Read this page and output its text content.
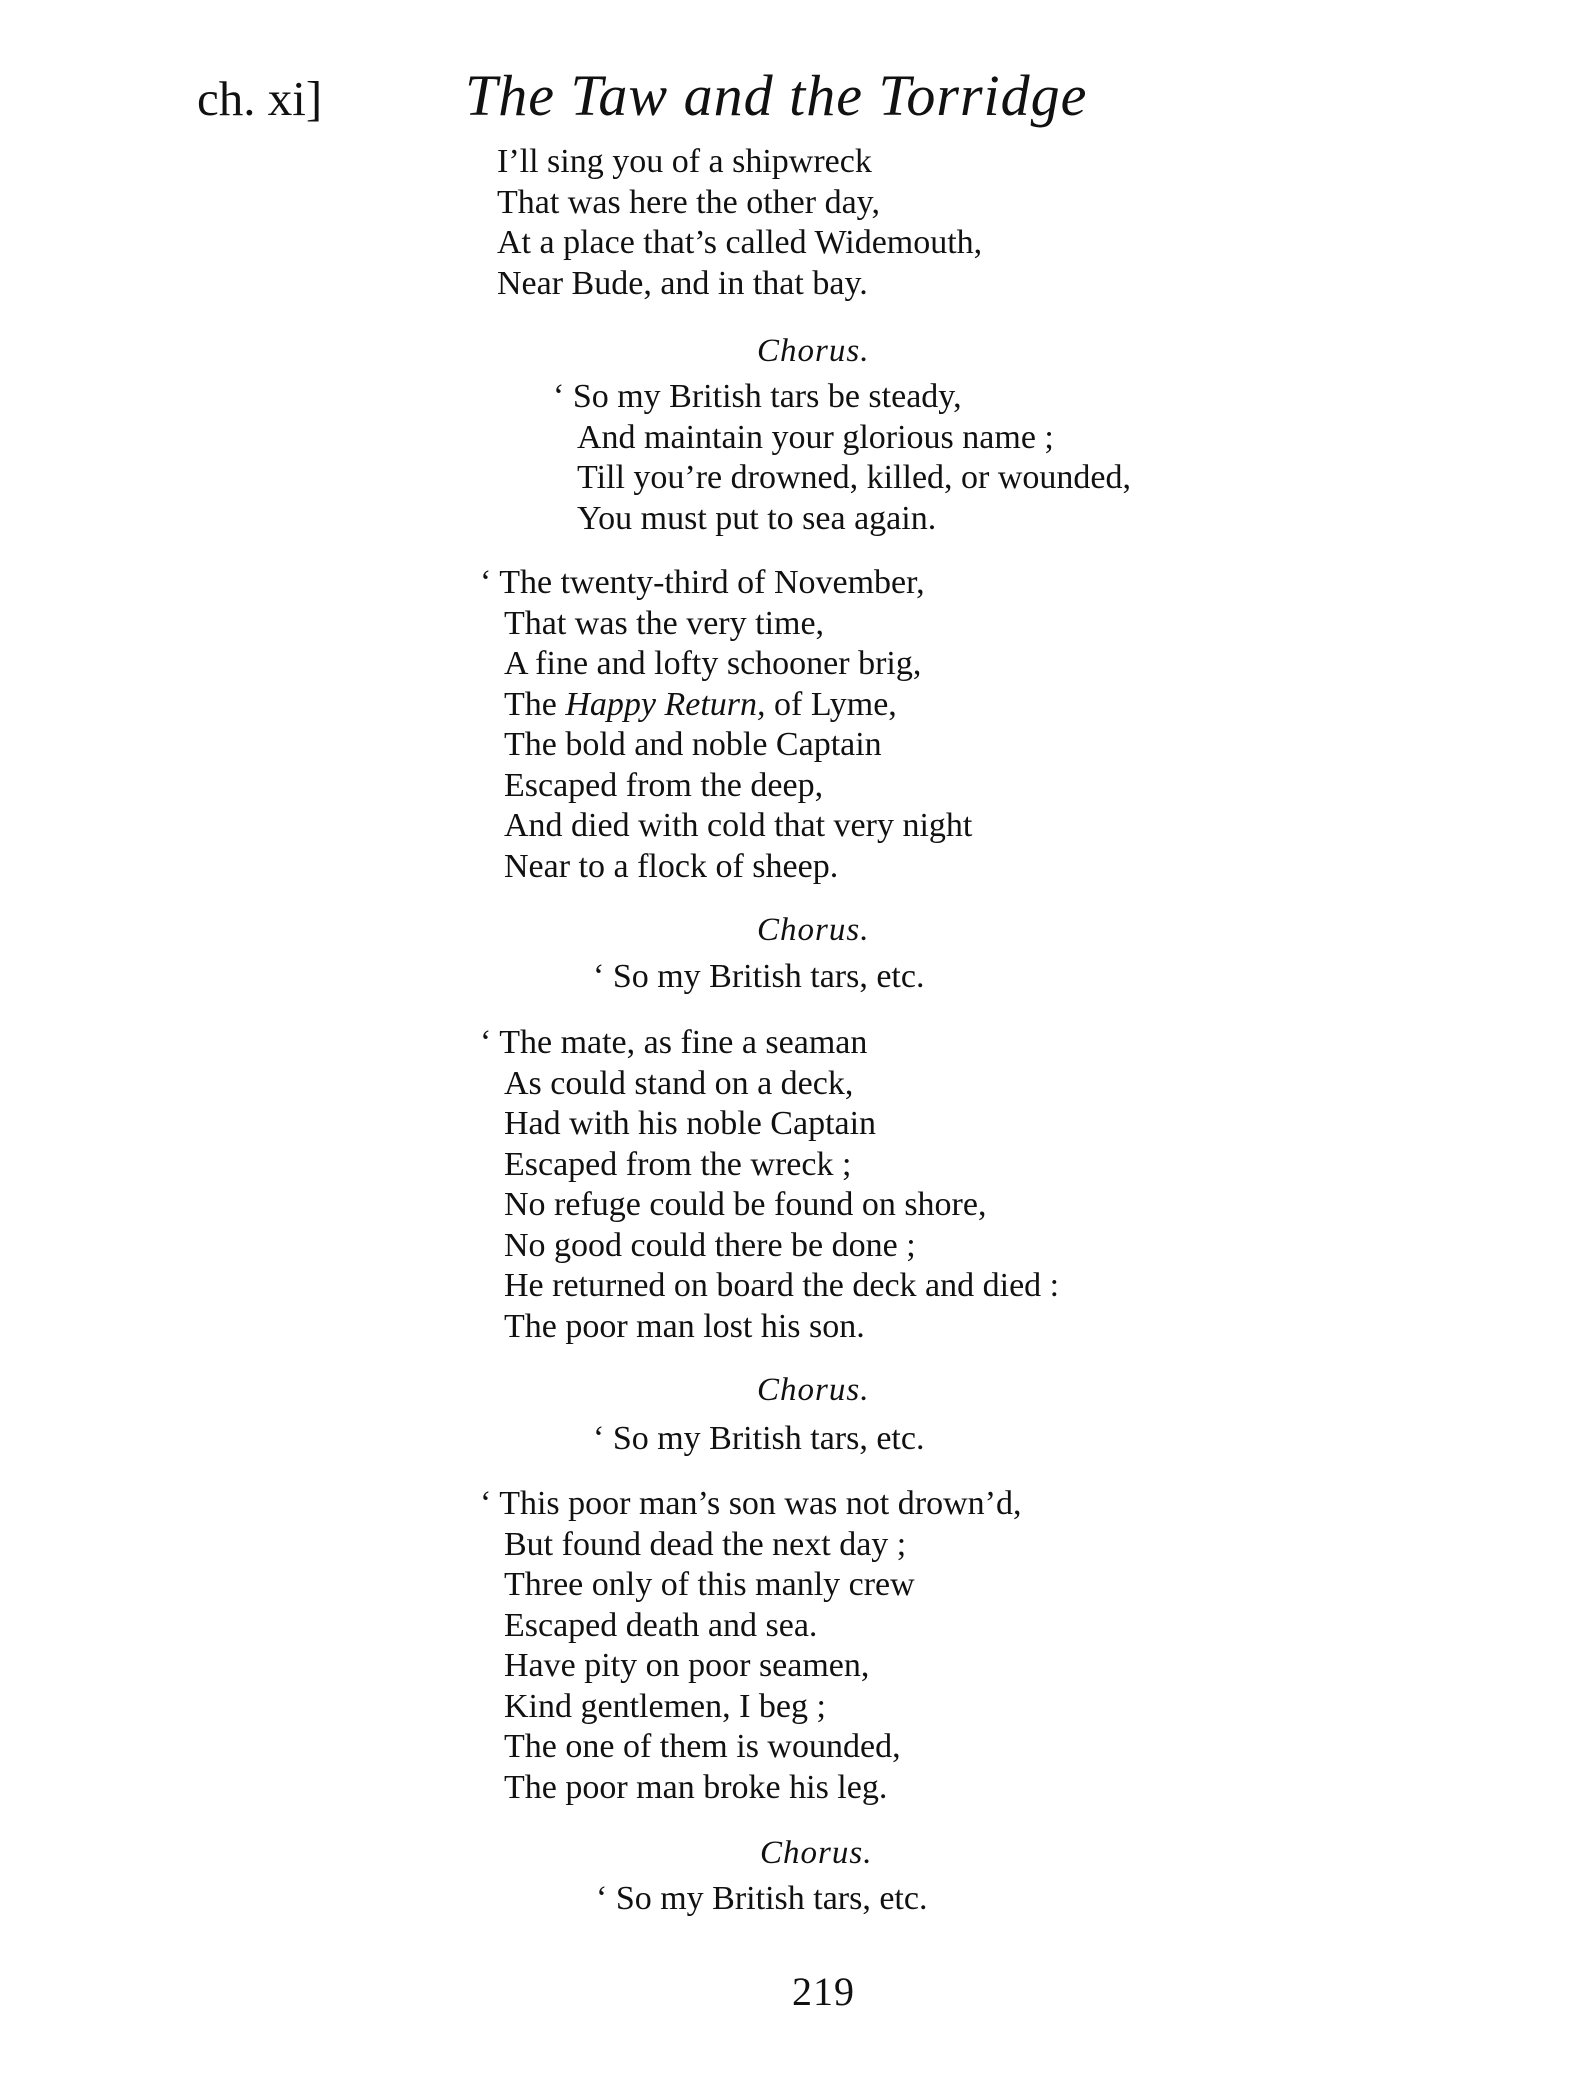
ch. xi] The Taw and the Torridge
I’ll sing you of a shipwreck
That was here the other day,
At a place that’s called Widemouth,
Near Bude, and in that bay.
Chorus.
‘ So my British tars be steady,
And maintain your glorious name ;
Till you’re drowned, killed, or wounded,
You must put to sea again.
‘ The twenty-third of November,
That was the very time,
A fine and lofty schooner brig,
The Happy Return, of Lyme,
The bold and noble Captain
Escaped from the deep,
And died with cold that very night
Near to a flock of sheep.
Chorus.
‘ So my British tars, etc.
‘ The mate, as fine a seaman
As could stand on a deck,
Had with his noble Captain
Escaped from the wreck ;
No refuge could be found on shore,
No good could there be done ;
He returned on board the deck and died :
The poor man lost his son.
Chorus.
‘ So my British tars, etc.
‘ This poor man’s son was not drown’d,
But found dead the next day ;
Three only of this manly crew
Escaped death and sea.
Have pity on poor seamen,
Kind gentlemen, I beg ;
The one of them is wounded,
The poor man broke his leg.
Chorus.
‘ So my British tars, etc.
219
